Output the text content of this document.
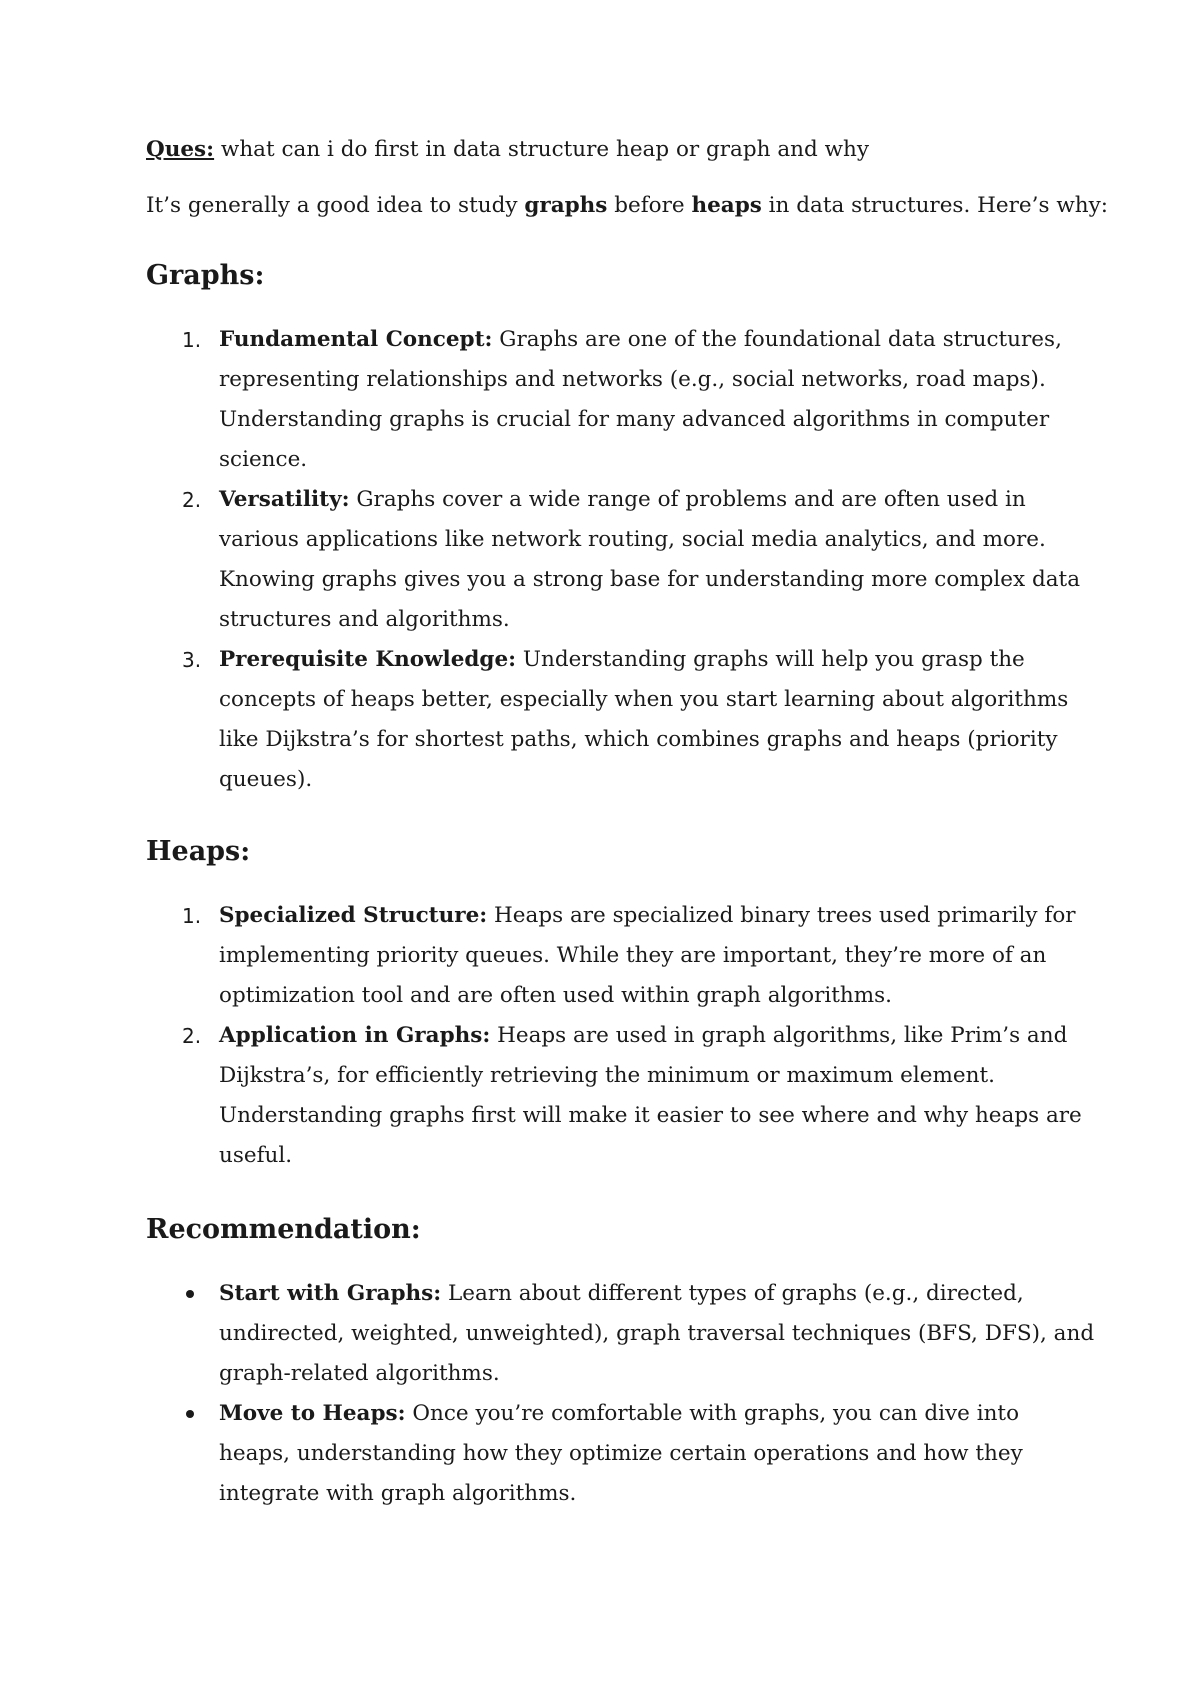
Ques: what can i do first in data structure heap or graph and why

It’s generally a good idea to study graphs before heaps in data structures. Here’s why:

Graphs:
1. Fundamental Concept: Graphs are one of the foundational data structures,
representing relationships and networks (e.g., social networks, road maps).
Understanding graphs is crucial for many advanced algorithms in computer
science.
2. Versatility: Graphs cover a wide range of problems and are often used in
various applications like network routing, social media analytics, and more.
Knowing graphs gives you a strong base for understanding more complex data
structures and algorithms.
3. Prerequisite Knowledge: Understanding graphs will help you grasp the
concepts of heaps better, especially when you start learning about algorithms
like Dijkstra’s for shortest paths, which combines graphs and heaps (priority
queues).
Heaps:
1. Specialized Structure: Heaps are specialized binary trees used primarily for
implementing priority queues. While they are important, they’re more of an
optimization tool and are often used within graph algorithms.
2. Application in Graphs: Heaps are used in graph algorithms, like Prim’s and
Dijkstra’s, for efficiently retrieving the minimum or maximum element.
Understanding graphs first will make it easier to see where and why heaps are
useful.
Recommendation:
Start with Graphs: Learn about different types of graphs (e.g., directed,
undirected, weighted, unweighted), graph traversal techniques (BFS, DFS), and
graph-related algorithms.
Move to Heaps: Once you’re comfortable with graphs, you can dive into
heaps, understanding how they optimize certain operations and how they
integrate with graph algorithms.
